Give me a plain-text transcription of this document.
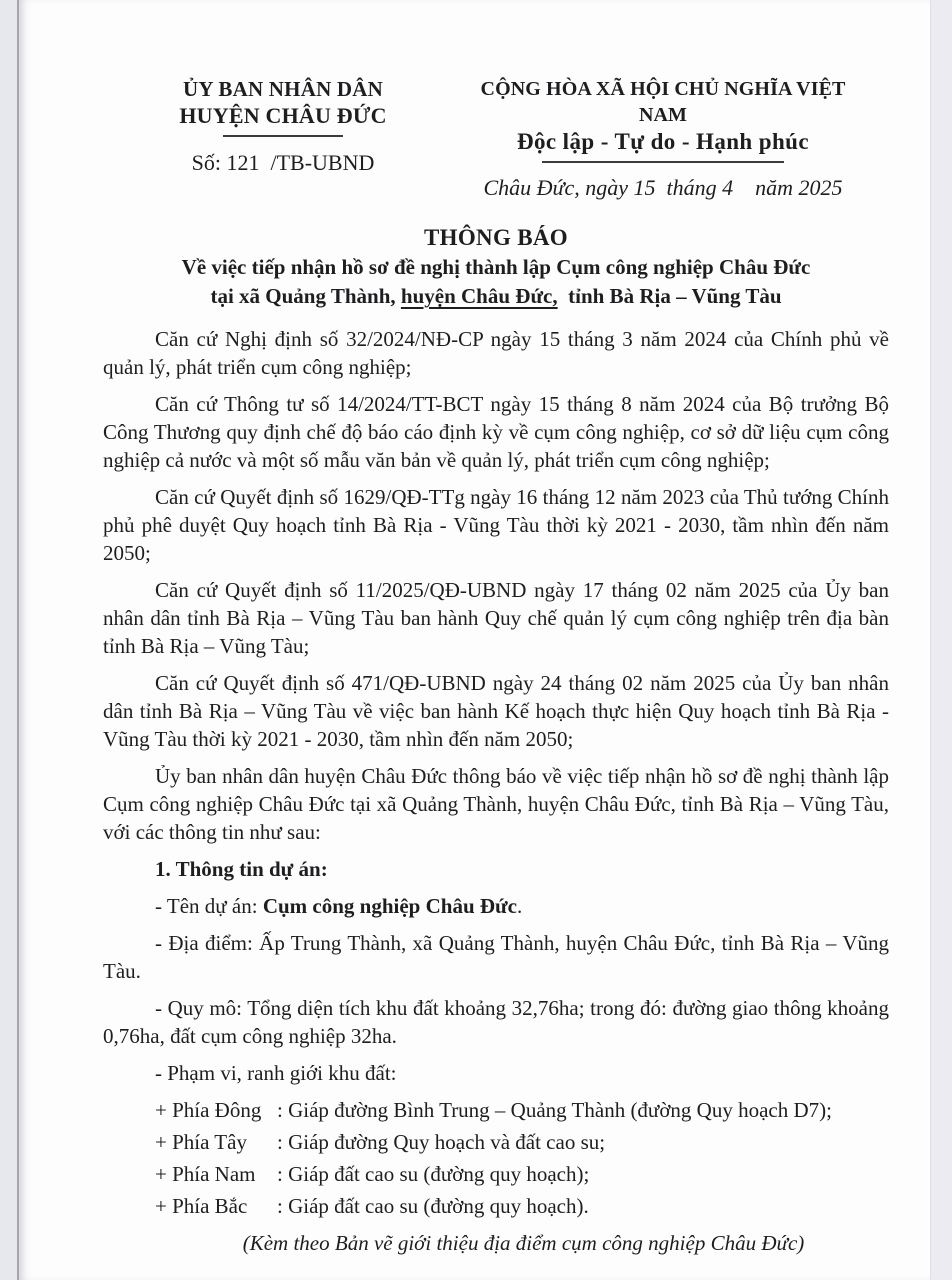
ỦY BAN NHÂN DÂN
HUYỆN CHÂU ĐỨC
Số: 121  /TB-UBND
CỘNG HÒA XÃ HỘI CHỦ NGHĨA VIỆT NAM
Độc lập - Tự do - Hạnh phúc
Châu Đức, ngày 15  tháng 4    năm 2025
THÔNG BÁO
Về việc tiếp nhận hồ sơ đề nghị thành lập Cụm công nghiệp Châu Đức
tại xã Quảng Thành, huyện Châu Đức,  tỉnh Bà Rịa – Vũng Tàu

Căn cứ Nghị định số 32/2024/NĐ-CP ngày 15 tháng 3 năm 2024 của Chính phủ về quản lý, phát triển cụm công nghiệp;

Căn cứ Thông tư số 14/2024/TT-BCT ngày 15 tháng 8 năm 2024 của Bộ trưởng Bộ Công Thương quy định chế độ báo cáo định kỳ về cụm công nghiệp, cơ sở dữ liệu cụm công nghiệp cả nước và một số mẫu văn bản về quản lý, phát triển cụm công nghiệp;

Căn cứ Quyết định số 1629/QĐ-TTg ngày 16 tháng 12 năm 2023 của Thủ tướng Chính phủ phê duyệt Quy hoạch tỉnh Bà Rịa - Vũng Tàu thời kỳ 2021 - 2030, tầm nhìn đến năm 2050;

Căn cứ Quyết định số 11/2025/QĐ-UBND ngày 17 tháng 02 năm 2025 của Ủy ban nhân dân tỉnh Bà Rịa – Vũng Tàu ban hành Quy chế quản lý cụm công nghiệp trên địa bàn tỉnh Bà Rịa – Vũng Tàu;

Căn cứ Quyết định số 471/QĐ-UBND ngày 24 tháng 02 năm 2025 của Ủy ban nhân dân tỉnh Bà Rịa – Vũng Tàu về việc ban hành Kế hoạch thực hiện Quy hoạch tỉnh Bà Rịa - Vũng Tàu thời kỳ 2021 - 2030, tầm nhìn đến năm 2050;

Ủy ban nhân dân huyện Châu Đức thông báo về việc tiếp nhận hồ sơ đề nghị thành lập Cụm công nghiệp Châu Đức tại xã Quảng Thành, huyện Châu Đức, tỉnh Bà Rịa – Vũng Tàu, với các thông tin như sau:

1. Thông tin dự án:

- Tên dự án: Cụm công nghiệp Châu Đức.

- Địa điểm: Ấp Trung Thành, xã Quảng Thành, huyện Châu Đức, tỉnh Bà Rịa – Vũng Tàu.

- Quy mô: Tổng diện tích khu đất khoảng 32,76ha; trong đó: đường giao thông khoảng 0,76ha, đất cụm công nghiệp 32ha.

- Phạm vi, ranh giới khu đất:

+ Phía Đông : Giáp đường Bình Trung – Quảng Thành (đường Quy hoạch D7);
+ Phía Tây	: Giáp đường Quy hoạch và đất cao su;
+ Phía Nam	: Giáp đất cao su (đường quy hoạch);
+ Phía Bắc	: Giáp đất cao su (đường quy hoạch).
(Kèm theo Bản vẽ giới thiệu địa điểm cụm công nghiệp Châu Đức)
